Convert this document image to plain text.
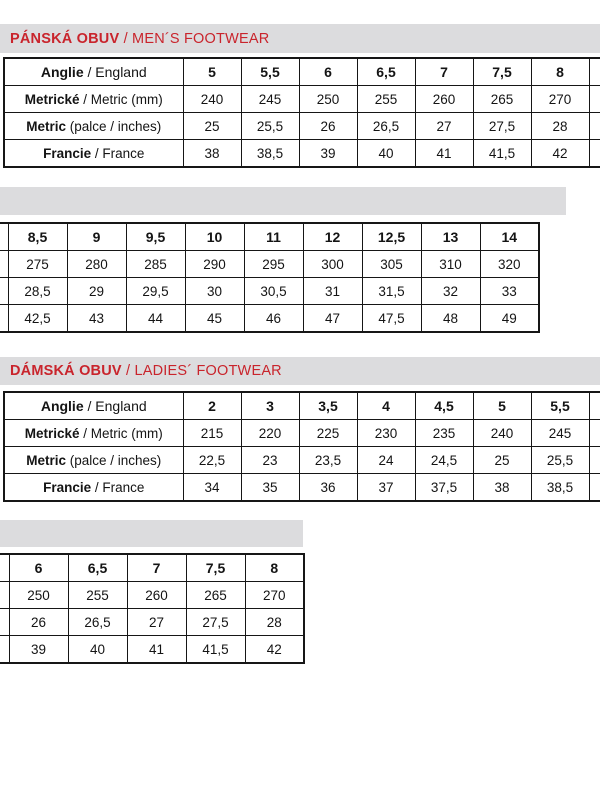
PÁNSKÁ OBUV / MEN´S FOOTWEAR
Anglie / England	5	5,5	6	6,5	7	7,5	8	
Metrické / Metric (mm)	240	245	250	255	260	265	270	
Metric (palce / inches)	25	25,5	26	26,5	27	27,5	28	
Francie / France	38	38,5	39	40	41	41,5	42	
	8,5	9	9,5	10	11	12	12,5	13	14
	275	280	285	290	295	300	305	310	320
	28,5	29	29,5	30	30,5	31	31,5	32	33
	42,5	43	44	45	46	47	47,5	48	49
DÁMSKÁ OBUV / LADIES´ FOOTWEAR
Anglie / England	2	3	3,5	4	4,5	5	5,5	
Metrické / Metric (mm)	215	220	225	230	235	240	245	
Metric (palce / inches)	22,5	23	23,5	24	24,5	25	25,5	
Francie / France	34	35	36	37	37,5	38	38,5	
	6	6,5	7	7,5	8
	250	255	260	265	270
	26	26,5	27	27,5	28
	39	40	41	41,5	42
